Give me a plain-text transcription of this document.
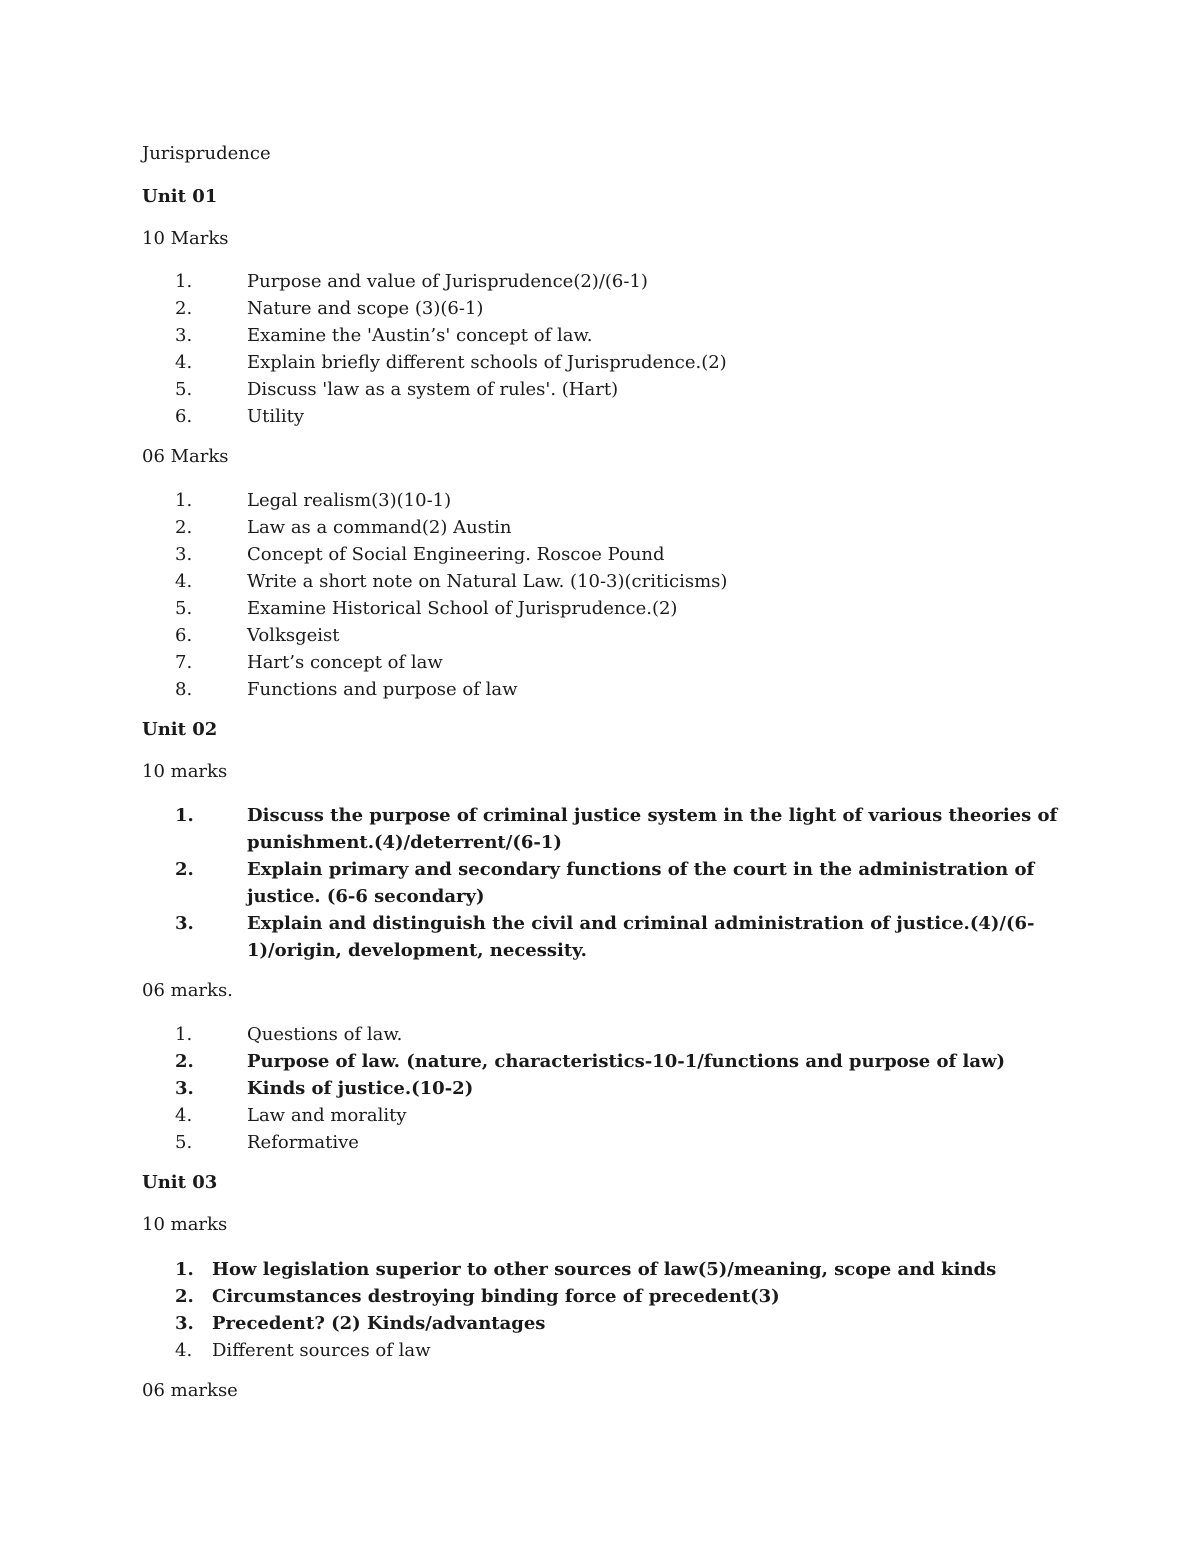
Jurisprudence
Unit 01
10 Marks
1.	Purpose and value of Jurisprudence(2)/(6-1)
2.	Nature and scope (3)(6-1)
3.	Examine the 'Austin’s' concept of law.
4.	Explain briefly different schools of Jurisprudence.(2)
5.	Discuss 'law as a system of rules'. (Hart)
6.	Utility
06 Marks
1.	Legal realism(3)(10-1)
2.	Law as a command(2) Austin
3.	Concept of Social Engineering. Roscoe Pound
4.	Write a short note on Natural Law. (10-3)(criticisms)
5.	Examine Historical School of Jurisprudence.(2)
6.	Volksgeist
7.	Hart’s concept of law
8.	Functions and purpose of law
Unit 02
10 marks
1.	Discuss the purpose of criminal justice system in the light of various theories of punishment.(4)/deterrent/(6-1)
2.	Explain primary and secondary functions of the court in the administration of justice. (6-6 secondary)
3.	Explain and distinguish the civil and criminal administration of justice.(4)/(6-1)/origin, development, necessity.
06 marks.
1.	Questions of law.
2.	Purpose of law. (nature, characteristics-10-1/functions and purpose of law)
3.	Kinds of justice.(10-2)
4.	Law and morality
5.	Reformative
Unit 03
10 marks
1. How legislation superior to other sources of law(5)/meaning, scope and kinds
2. Circumstances destroying binding force of precedent(3)
3. Precedent? (2) Kinds/advantages
4. Different sources of law
06 markse
